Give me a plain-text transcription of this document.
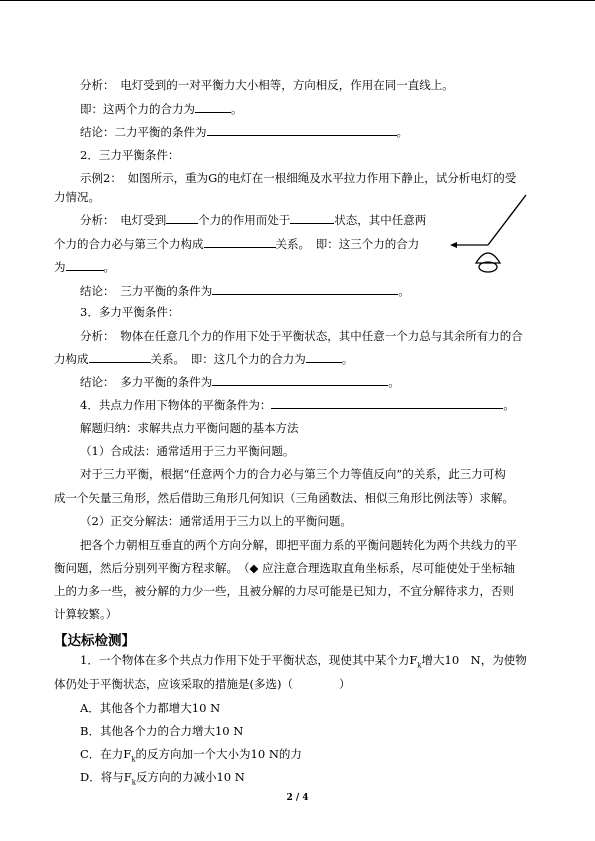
分析：　电灯受到的一对平衡力大小相等，方向相反，作用在同一直线上。
即：这两个力的合力为	。
结论：二力平衡的条件为	。
2．三力平衡条件：
示例2：　如图所示，重为G的电灯在一根细绳及水平拉力作用下静止，试分析电灯的受
力情况。
分析：　电灯受到	个力的作用而处于	状态，其中任意两
个力的合力必与第三个力构成	关系。　即：这三个力的合力
为	。
结论：　三力平衡的条件为	。
3．多力平衡条件：
分析：　物体在任意几个力的作用下处于平衡状态，其中任意一个力总与其余所有力的合
力构成	关系。　即：这几个力的合力为	。
结论：　多力平衡的条件为	。
4．共点力作用下物体的平衡条件为：	。
解题归纳：求解共点力平衡问题的基本方法
（1）合成法：通常适用于三力平衡问题。
对于三力平衡，根据“任意两个力的合力必与第三个力等值反向”的关系，此三力可构
成一个矢量三角形，然后借助三角形几何知识（三角函数法、相似三角形比例法等）求解。
（2）正交分解法：通常适用于三力以上的平衡问题。
把各个力朝相互垂直的两个方向分解，即把平面力系的平衡问题转化为两个共线力的平
衡问题，然后分别列平衡方程求解。　（◆ 应注意合理选取直角坐标系，尽可能使处于坐标轴
上的力多一些，被分解的力少一些，且被分解的力尽可能是已知力，不宜分解待求力，否则
计算较繁。）
【达标检测】
1．一个物体在多个共点力作用下处于平衡状态，现使其中某个力$F_k$增大10　N，为使物
体仍处于平衡状态，应该采取的措施是(多选)（　　　　）
A．其他各个力都增大10 N
B．其他各个力的合力增大10 N
C．在力$F_k$的反方向加一个大小为10 N的力
D．将与$F_k$反方向的力减小10 N
2 / 4
